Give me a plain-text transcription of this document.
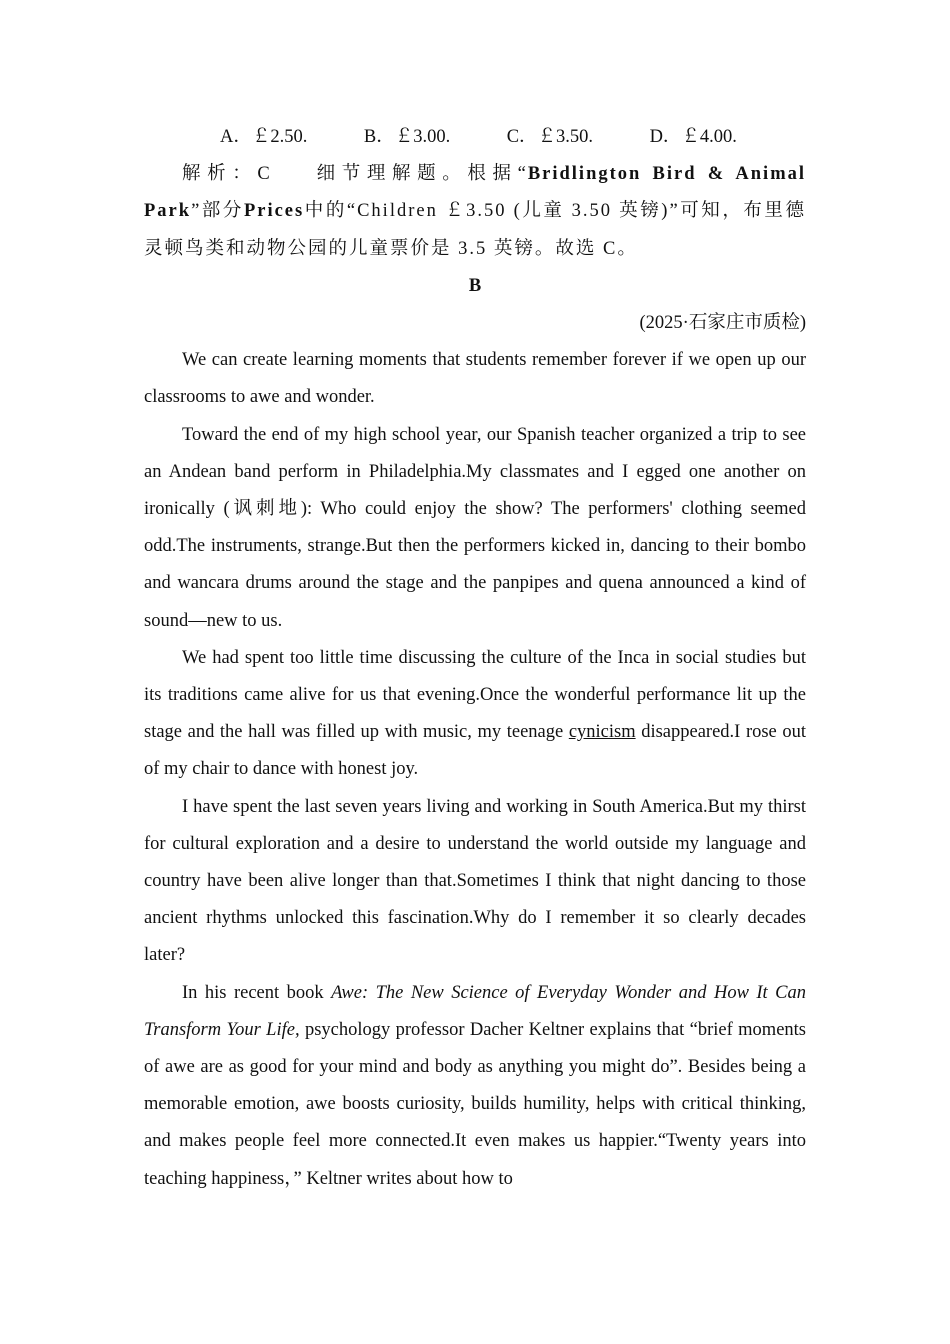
A．￡2.50.	B．￡3.00.	C．￡3.50.	D．￡4.00.

解析：C 细节理解题。根据“Bridlington Bird & Animal Park”部分Prices中的“Children ￡3.50 (儿童 3.50 英镑)”可知，布里德灵顿鸟类和动物公园的儿童票价是 3.5 英镑。故选 C。

B

(2025·石家庄市质检)

We can create learning moments that students remember forever if we open up our classrooms to awe and wonder.

Toward the end of my high school year, our Spanish teacher organized a trip to see an Andean band perform in Philadelphia.My classmates and I egged one another on ironically (讽刺地): Who could enjoy the show? The performers' clothing seemed odd.The instruments, strange.But then the performers kicked in, dancing to their bombo and wancara drums around the stage and the panpipes and quena announced a kind of sound—new to us.

We had spent too little time discussing the culture of the Inca in social studies but its traditions came alive for us that evening.Once the wonderful performance lit up the stage and the hall was filled up with music, my teenage cynicism disappeared.I rose out of my chair to dance with honest joy.

I have spent the last seven years living and working in South America.But my thirst for cultural exploration and a desire to understand the world outside my language and country have been alive longer than that.Sometimes I think that night dancing to those ancient rhythms unlocked this fascination.Why do I remember it so clearly decades later?

In his recent book Awe: The New Science of Everyday Wonder and How It Can Transform Your Life, psychology professor Dacher Keltner explains that “brief moments of awe are as good for your mind and body as anything you might do”. Besides being a memorable emotion, awe boosts curiosity, builds humility, helps with critical thinking, and makes people feel more connected.It even makes us happier.“Twenty years into teaching happiness，” Keltner writes about how to
